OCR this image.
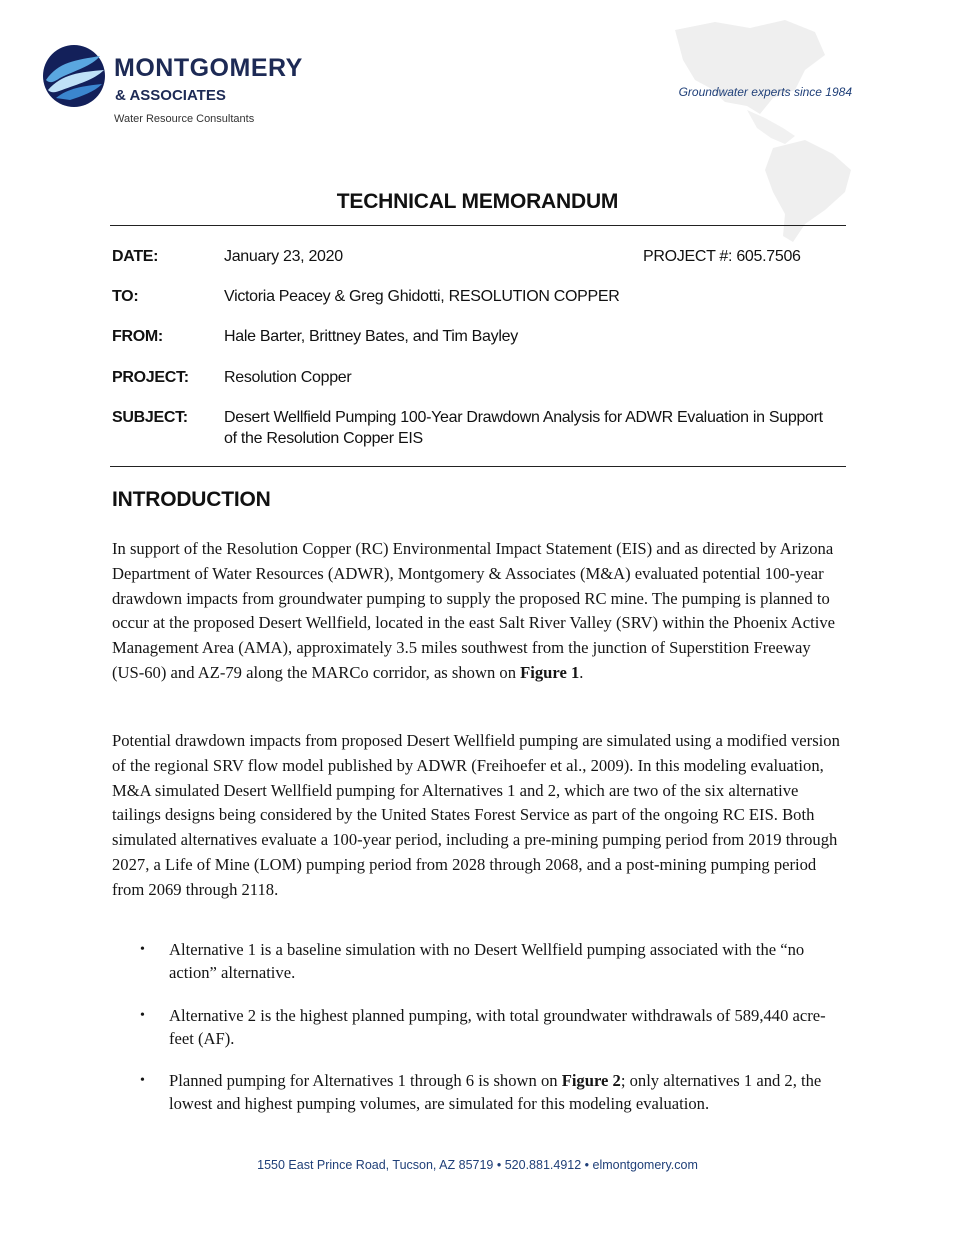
MONTGOMERY
& ASSOCIATES
Water Resource Consultants
Groundwater experts since 1984
TECHNICAL MEMORANDUM
DATE:	January 23, 2020	PROJECT #: 605.7506
TO:	Victoria Peacey & Greg Ghidotti, RESOLUTION COPPER
FROM:	Hale Barter, Brittney Bates, and Tim Bayley
PROJECT: Resolution Copper
SUBJECT: Desert Wellfield Pumping 100-Year Drawdown Analysis for ADWR Evaluation in Support of the Resolution Copper EIS
INTRODUCTION

In support of the Resolution Copper (RC) Environmental Impact Statement (EIS) and as directed by Arizona Department of Water Resources (ADWR), Montgomery & Associates (M&A) evaluated potential 100-year drawdown impacts from groundwater pumping to supply the proposed RC mine. The pumping is planned to occur at the proposed Desert Wellfield, located in the east Salt River Valley (SRV) within the Phoenix Active Management Area (AMA), approximately 3.5 miles southwest from the junction of Superstition Freeway (US-60) and AZ-79 along the MARCo corridor, as shown on Figure 1.

Potential drawdown impacts from proposed Desert Wellfield pumping are simulated using a modified version of the regional SRV flow model published by ADWR (Freihoefer et al., 2009). In this modeling evaluation, M&A simulated Desert Wellfield pumping for Alternatives 1 and 2, which are two of the six alternative tailings designs being considered by the United States Forest Service as part of the ongoing RC EIS. Both simulated alternatives evaluate a 100-year period, including a pre-mining pumping period from 2019 through 2027, a Life of Mine (LOM) pumping period from 2028 through 2068, and a post-mining pumping period from 2069 through 2118.

• Alternative 1 is a baseline simulation with no Desert Wellfield pumping associated with the “no action” alternative.
• Alternative 2 is the highest planned pumping, with total groundwater withdrawals of 589,440 acre-feet (AF).
• Planned pumping for Alternatives 1 through 6 is shown on Figure 2; only alternatives 1 and 2, the lowest and highest pumping volumes, are simulated for this modeling evaluation.
1550 East Prince Road, Tucson, AZ 85719 • 520.881.4912 • elmontgomery.com
